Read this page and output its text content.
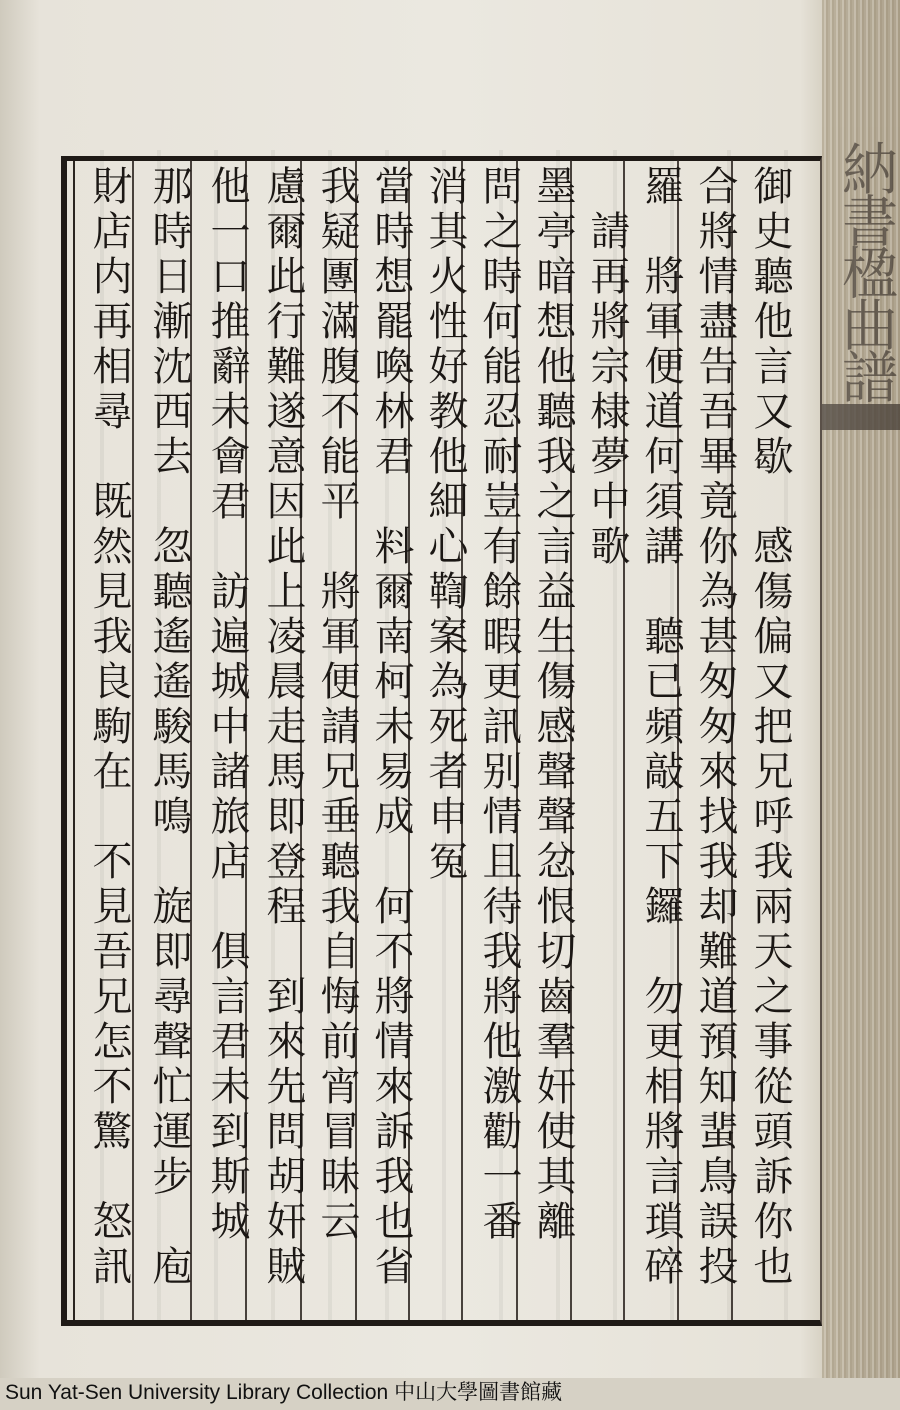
納書楹曲譜
御史聽他言又歇　感傷偏又把兄呼我兩天之事從頭訴你也
合將情盡告吾畢竟你為甚匆匆來找我却難道預知蜚鳥誤投
羅　將軍便道何須講　聽已頻敲五下鑼　勿更相將言瑣碎
　請再將宗棣夢中歌
墨亭暗想他聽我之言益生傷感聲聲忿恨切齒羣奸使其離
問之時何能忍耐豈有餘暇更訊别情且待我將他激勸一番
消其火性好教他細心鞫案為死者申冤
當時想罷喚林君　料爾南柯未易成　何不將情來訴我也省
我疑團滿腹不能平　將軍便請兄垂聽我自悔前宵冒昧云
慮爾此行難遂意因此上凌晨走馬即登程　到來先問胡奸賊
他一口推辭未會君　訪遍城中諸旅店　俱言君未到斯城
那時日漸沈西去　忽聽遙遙駿馬鳴　旋即尋聲忙運步　庖
財店内再相尋　既然見我良駒在　不見吾兄怎不驚　怒訊
Sun Yat-Sen University Library Collection 中山大學圖書館藏
